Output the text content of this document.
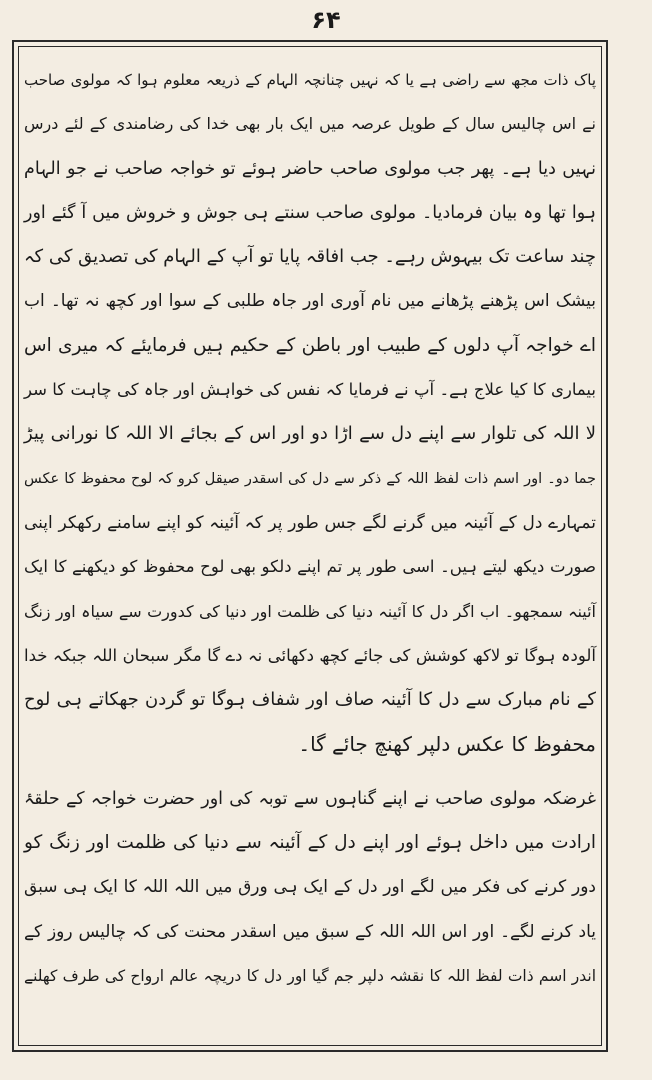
۶۴
پاک ذات مجھ سے راضی ہے یا کہ نہیں چنانچہ الہام کے ذریعہ معلوم ہوا کہ مولوی صاحب
نے اس چالیس سال کے طویل عرصہ میں ایک بار بھی خدا کی رضامندی کے لئے درس
نہیں دیا ہے۔ پھر جب مولوی صاحب حاضر ہوئے تو خواجہ صاحب نے جو الہام
ہوا تھا وہ بیان فرمادیا۔ مولوی صاحب سنتے ہی جوش و خروش میں آ گئے اور
چند ساعت تک بیہوش رہے۔ جب افاقہ پایا تو آپ کے الہام کی تصدیق کی کہ
بیشک اس پڑھنے پڑھانے میں نام آوری اور جاہ طلبی کے سوا اور کچھ نہ تھا۔ اب
اے خواجہ آپ دلوں کے طبیب اور باطن کے حکیم ہیں فرمایئے کہ میری اس
بیماری کا کیا علاج ہے۔ آپ نے فرمایا کہ نفس کی خواہش اور جاہ کی چاہت کا سر
لا اللہ کی تلوار سے اپنے دل سے اڑا دو اور اس کے بجائے الا اللہ کا نورانی پیڑ
جما دو۔ اور اسم ذات لفظ اللہ کے ذکر سے دل کی اسقدر صیقل کرو کہ لوح محفوظ کا عکس
تمہارے دل کے آئینہ میں گرنے لگے جس طور پر کہ آئینہ کو اپنے سامنے رکھکر اپنی
صورت دیکھ لیتے ہیں۔ اسی طور پر تم اپنے دلکو بھی لوح محفوظ کو دیکھنے کا ایک
آئینہ سمجھو۔ اب اگر دل کا آئینہ دنیا کی ظلمت اور دنیا کی کدورت سے سیاہ اور زنگ
آلودہ ہوگا تو لاکھ کوشش کی جائے کچھ دکھائی نہ دے گا مگر سبحان اللہ جبکہ خدا
کے نام مبارک سے دل کا آئینہ صاف اور شفاف ہوگا تو گردن جھکاتے ہی لوح
محفوظ کا عکس دلپر کھنچ جائے گا۔
غرضکہ مولوی صاحب نے اپنے گناہوں سے توبہ کی اور حضرت خواجہ کے حلقۂ
ارادت میں داخل ہوئے اور اپنے دل کے آئینہ سے دنیا کی ظلمت اور زنگ کو
دور کرنے کی فکر میں لگے اور دل کے ایک ہی ورق میں اللہ اللہ کا ایک ہی سبق
یاد کرنے لگے۔ اور اس اللہ اللہ کے سبق میں اسقدر محنت کی کہ چالیس روز کے
اندر اسم ذات لفظ اللہ کا نقشہ دلپر جم گیا اور دل کا دریچہ عالم ارواح کی طرف کھلنے
